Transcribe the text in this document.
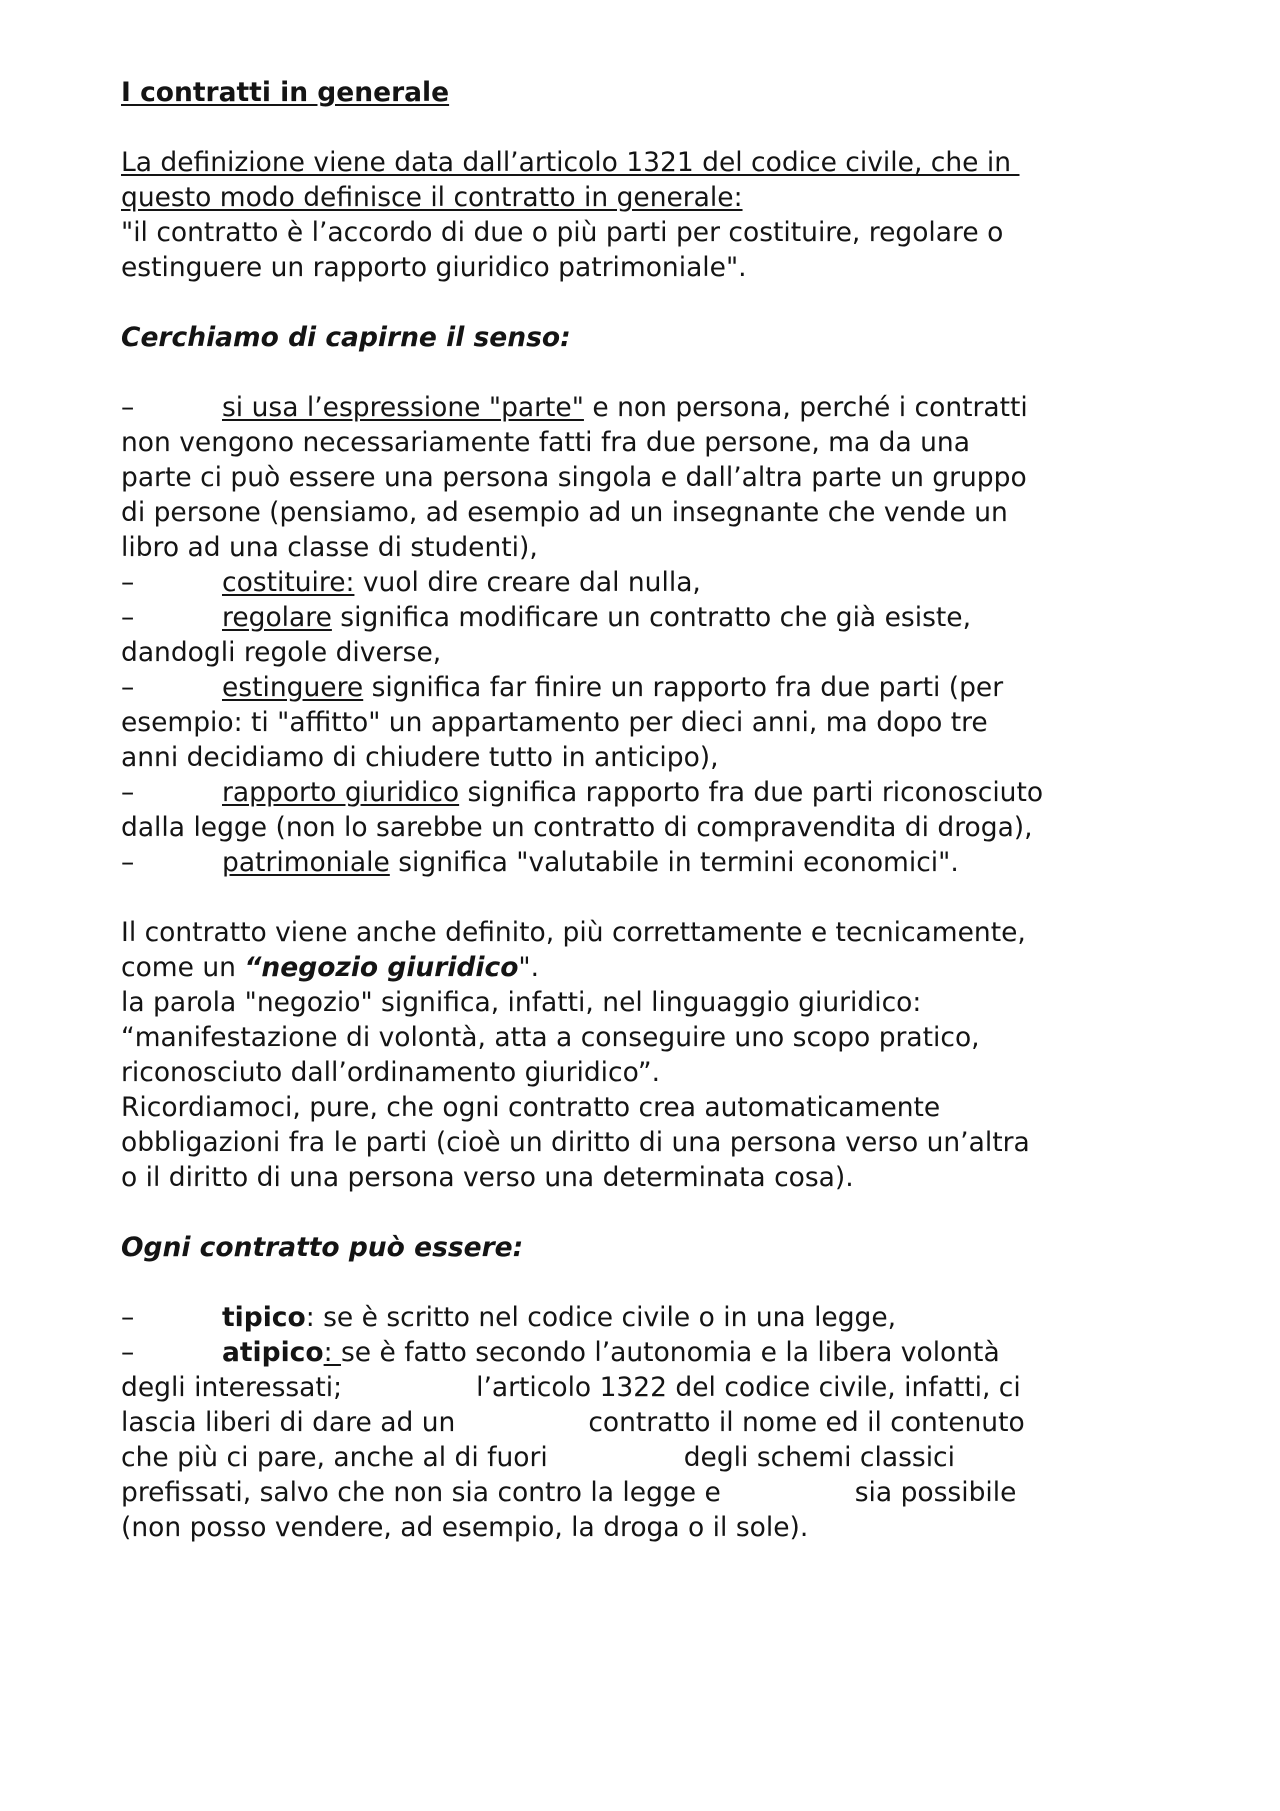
I contratti in generale
La definizione viene data dall’articolo 1321 del codice civile, che in
questo modo definisce il contratto in generale:
"il contratto è l’accordo di due o più parti per costituire, regolare o
estinguere un rapporto giuridico patrimoniale".
Cerchiamo di capirne il senso:
–	si usa l’espressione "parte" e non persona, perché i contratti
non vengono necessariamente fatti fra due persone, ma da una
parte ci può essere una persona singola e dall’altra parte un gruppo
di persone (pensiamo, ad esempio ad un insegnante che vende un
libro ad una classe di studenti),
–	costituire: vuol dire creare dal nulla,
–	regolare significa modificare un contratto che già esiste,
dandogli regole diverse,
–	estinguere significa far finire un rapporto fra due parti (per
esempio: ti "affitto" un appartamento per dieci anni, ma dopo tre
anni decidiamo di chiudere tutto in anticipo),
–	rapporto giuridico significa rapporto fra due parti riconosciuto
dalla legge (non lo sarebbe un contratto di compravendita di droga),
–	patrimoniale significa "valutabile in termini economici".
Il contratto viene anche definito, più correttamente e tecnicamente,
come un “negozio giuridico".
la parola "negozio" significa, infatti, nel linguaggio giuridico:
“manifestazione di volontà, atta a conseguire uno scopo pratico,
riconosciuto dall’ordinamento giuridico”.
Ricordiamoci, pure, che ogni contratto crea automaticamente
obbligazioni fra le parti (cioè un diritto di una persona verso un’altra
o il diritto di una persona verso una determinata cosa).
Ogni contratto può essere:
–	tipico: se è scritto nel codice civile o in una legge,
–	atipico: se è fatto secondo l’autonomia e la libera volontà
degli interessati;	l’articolo 1322 del codice civile, infatti, ci
lascia liberi di dare ad un	contratto il nome ed il contenuto
che più ci pare, anche al di fuori	degli schemi classici
prefissati, salvo che non sia contro la legge e	sia possibile
(non posso vendere, ad esempio, la droga o il sole).
